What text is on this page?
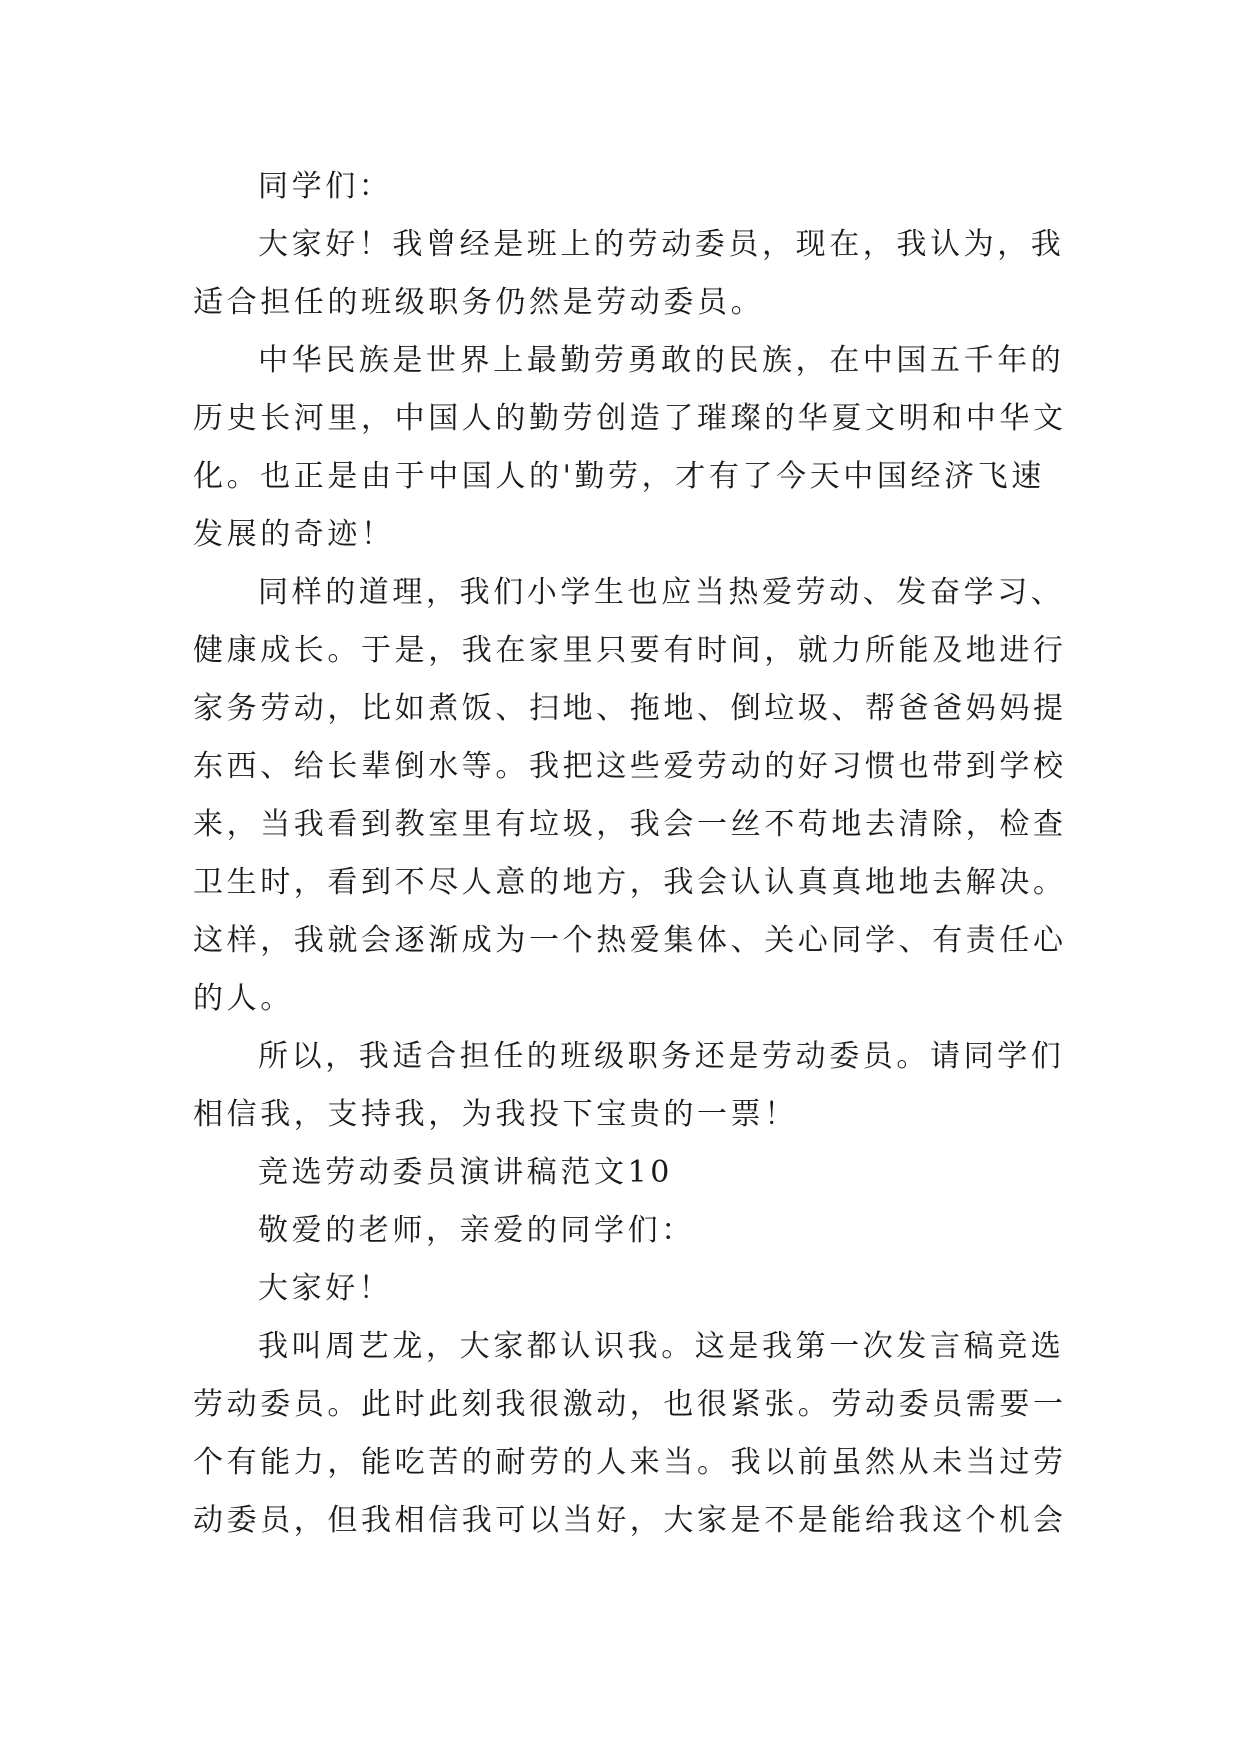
同学们：
大家好！我曾经是班上的劳动委员，现在，我认为，我
适合担任的班级职务仍然是劳动委员。
中华民族是世界上最勤劳勇敢的民族，在中国五千年的
历史长河里，中国人的勤劳创造了璀璨的华夏文明和中华文
化。也正是由于中国人的'勤劳，才有了今天中国经济飞速
发展的奇迹！
同样的道理，我们小学生也应当热爱劳动、发奋学习、
健康成长。于是，我在家里只要有时间，就力所能及地进行
家务劳动，比如煮饭、扫地、拖地、倒垃圾、帮爸爸妈妈提
东西、给长辈倒水等。我把这些爱劳动的好习惯也带到学校
来，当我看到教室里有垃圾，我会一丝不苟地去清除，检查
卫生时，看到不尽人意的地方，我会认认真真地地去解决。
这样，我就会逐渐成为一个热爱集体、关心同学、有责任心
的人。
所以，我适合担任的班级职务还是劳动委员。请同学们
相信我，支持我，为我投下宝贵的一票！
竞选劳动委员演讲稿范文10
敬爱的老师，亲爱的同学们：
大家好！
我叫周艺龙，大家都认识我。这是我第一次发言稿竞选
劳动委员。此时此刻我很激动，也很紧张。劳动委员需要一
个有能力，能吃苦的耐劳的人来当。我以前虽然从未当过劳
动委员，但我相信我可以当好，大家是不是能给我这个机会
